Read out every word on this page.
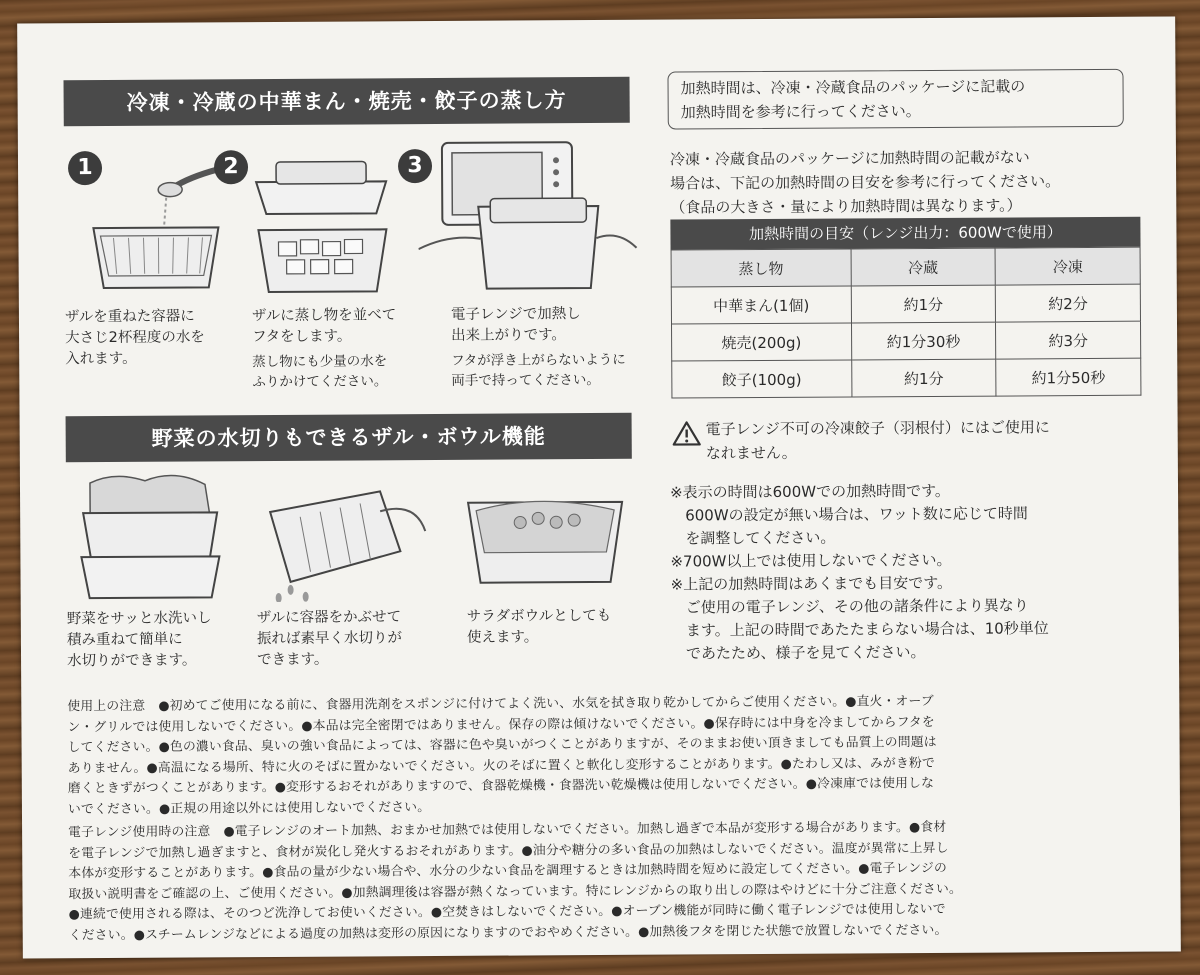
冷凍・冷蔵の中華まん・焼売・餃子の蒸し方
1
ザルを重ねた容器に
大さじ2杯程度の水を
入れます。
2
ザルに蒸し物を並べて
フタをします。
蒸し物にも少量の水を
ふりかけてください。
3
電子レンジで加熱し
出来上がりです。
フタが浮き上がらないように
両手で持ってください。
野菜の水切りもできるザル・ボウル機能
野菜をサッと水洗いし
積み重ねて簡単に
水切りができます。
ザルに容器をかぶせて
振れば素早く水切りが
できます。
サラダボウルとしても
使えます。
加熱時間は、冷凍・冷蔵食品のパッケージに記載の
加熱時間を参考に行ってください。
冷凍・冷蔵食品のパッケージに加熱時間の記載がない
場合は、下記の加熱時間の目安を参考に行ってください。
（食品の大きさ・量により加熱時間は異なります。）
加熱時間の目安（レンジ出力：600Wで使用）
蒸し物	冷蔵	冷凍
中華まん(1個)	約1分	約2分
焼売(200g)	約1分30秒	約3分
餃子(100g)	約1分	約1分50秒
電子レンジ不可の冷凍餃子（羽根付）にはご使用に
なれません。
※表示の時間は600Wでの加熱時間です。
　600Wの設定が無い場合は、ワット数に応じて時間
　を調整してください。
※700W以上では使用しないでください。
※上記の加熱時間はあくまでも目安です。
　ご使用の電子レンジ、その他の諸条件により異なり
　ます。上記の時間であたたまらない場合は、10秒単位
　であたため、様子を見てください。
使用上の注意　●初めてご使用になる前に、食器用洗剤をスポンジに付けてよく洗い、水気を拭き取り乾かしてからご使用ください。●直火・オーブ
ン・グリルでは使用しないでください。●本品は完全密閉ではありません。保存の際は傾けないでください。●保存時には中身を冷ましてからフタを
してください。●色の濃い食品、臭いの強い食品によっては、容器に色や臭いがつくことがありますが、そのままお使い頂きましても品質上の問題は
ありません。●高温になる場所、特に火のそばに置かないでください。火のそばに置くと軟化し変形することがあります。●たわし又は、みがき粉で
磨くときずがつくことがあります。●変形するおそれがありますので、食器乾燥機・食器洗い乾燥機は使用しないでください。●冷凍庫では使用しな
いでください。●正規の用途以外には使用しないでください。
電子レンジ使用時の注意　●電子レンジのオート加熱、おまかせ加熱では使用しないでください。加熱し過ぎで本品が変形する場合があります。●食材
を電子レンジで加熱し過ぎますと、食材が炭化し発火するおそれがあります。●油分や糖分の多い食品の加熱はしないでください。温度が異常に上昇し
本体が変形することがあります。●食品の量が少ない場合や、水分の少ない食品を調理するときは加熱時間を短めに設定してください。●電子レンジの
取扱い説明書をご確認の上、ご使用ください。●加熱調理後は容器が熱くなっています。特にレンジからの取り出しの際はやけどに十分ご注意ください。
●連続で使用される際は、そのつど洗浄してお使いください。●空焚きはしないでください。●オーブン機能が同時に働く電子レンジでは使用しないで
ください。●スチームレンジなどによる過度の加熱は変形の原因になりますのでおやめください。●加熱後フタを閉じた状態で放置しないでください。
